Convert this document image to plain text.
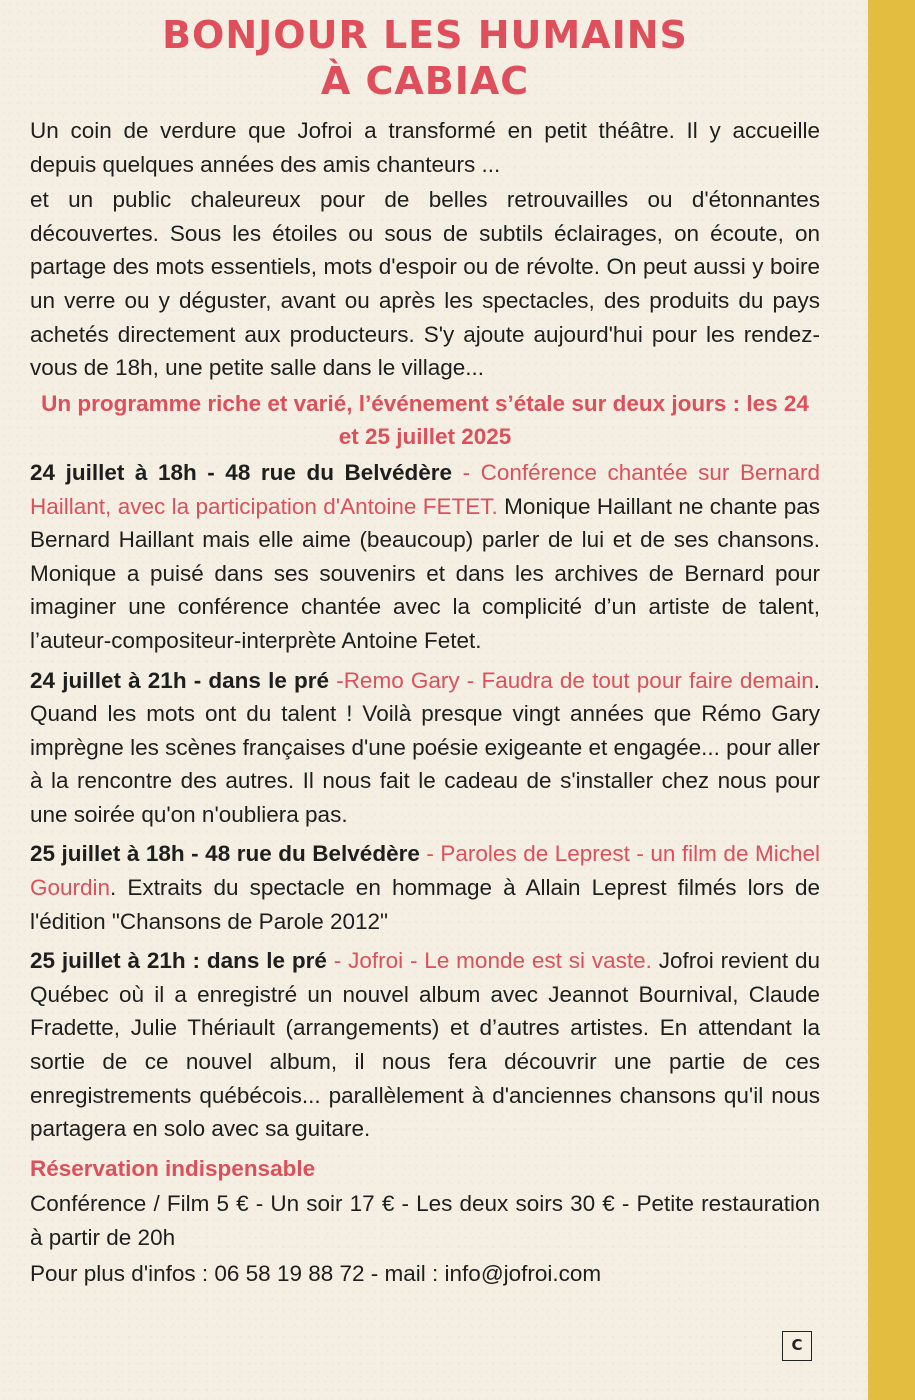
BONJOUR LES HUMAINS
À CABIAC

Un coin de verdure que Jofroi a transformé en petit théâtre. Il y accueille depuis quelques années des amis chanteurs ...

et un public chaleureux pour de belles retrouvailles ou d'étonnantes découvertes. Sous les étoiles ou sous de subtils éclairages, on écoute, on partage des mots essentiels, mots d'espoir ou de révolte. On peut aussi y boire un verre ou y déguster, avant ou après les spectacles, des produits du pays achetés directement aux producteurs. S'y ajoute aujourd'hui pour les rendez-vous de 18h, une petite salle dans le village...

Un programme riche et varié, l’événement s’étale sur deux jours : les 24 et 25 juillet 2025

24 juillet à 18h - 48 rue du Belvédère - Conférence chantée sur Bernard Haillant, avec la participation d'Antoine FETET. Monique Haillant ne chante pas Bernard Haillant mais elle aime (beaucoup) parler de lui et de ses chansons. Monique a puisé dans ses souvenirs et dans les archives de Bernard pour imaginer une conférence chantée avec la complicité d’un artiste de talent, l’auteur-compositeur-interprète Antoine Fetet.

24 juillet à 21h - dans le pré -Remo Gary - Faudra de tout pour faire demain. Quand les mots ont du talent ! Voilà presque vingt années que Rémo Gary imprègne les scènes françaises d'une poésie exigeante et engagée... pour aller à la rencontre des autres. Il nous fait le cadeau de s'installer chez nous pour une soirée qu'on n'oubliera pas.

25 juillet à 18h - 48 rue du Belvédère - Paroles de Leprest - un film de Michel Gourdin. Extraits du spectacle en hommage à Allain Leprest filmés lors de l'édition "Chansons de Parole 2012"

25 juillet à 21h : dans le pré - Jofroi - Le monde est si vaste. Jofroi revient du Québec où il a enregistré un nouvel album avec Jeannot Bournival, Claude Fradette, Julie Thériault (arrangements) et d’autres artistes. En attendant la sortie de ce nouvel album, il nous fera découvrir une partie de ces enregistrements québécois... parallèlement à d'anciennes chansons qu'il nous partagera en solo avec sa guitare.

Réservation indispensable

Conférence / Film 5 € - Un soir 17 € - Les deux soirs 30 € - Petite restauration à partir de 20h

Pour plus d'infos : 06 58 19 88 72 - mail : info@jofroi.com

C
